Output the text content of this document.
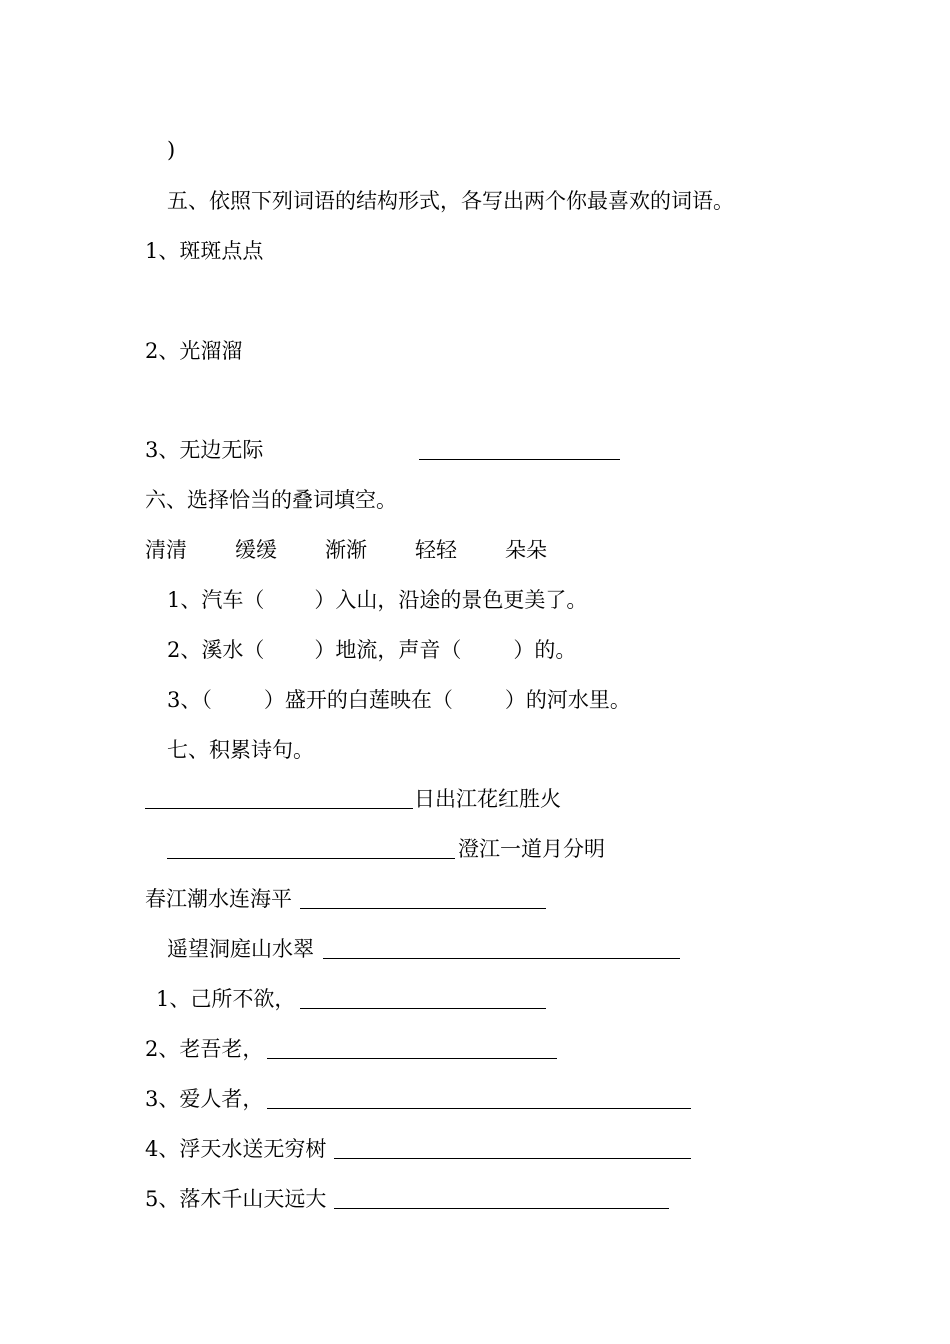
)
五、依照下列词语的结构形式，各写出两个你最喜欢的词语。
1、斑斑点点
2、光溜溜
3、无边无际
六、选择恰当的叠词填空。
清清 缓缓 渐渐 轻轻 朵朵
1、汽车（ ）入山，沿途的景色更美了。
2、溪水（ ）地流，声音（ ）的。
3、（ ）盛开的白莲映在（ ）的河水里。
七、积累诗句。
日出江花红胜火
澄江一道月分明
春江潮水连海平
遥望洞庭山水翠
1、己所不欲，
2、老吾老，
3、爱人者，
4、浮天水送无穷树
5、落木千山天远大
